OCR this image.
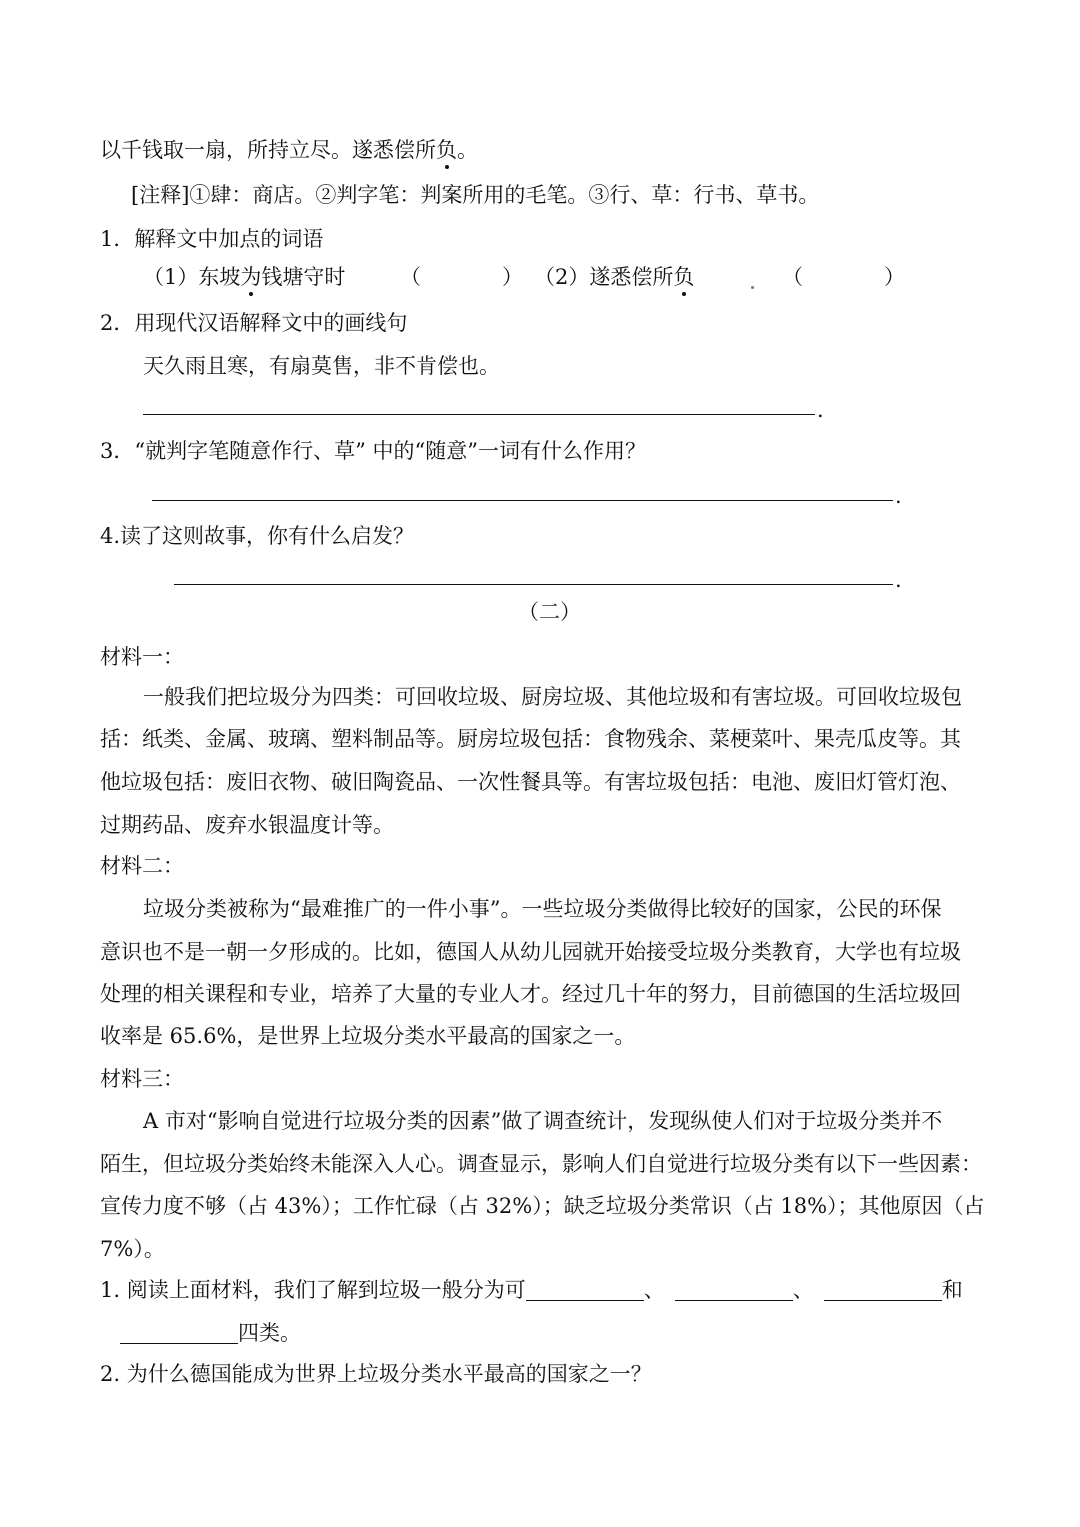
以千钱取一扇，所持立尽。遂悉偿所负。
[注释]①肆：商店。②判字笔：判案所用的毛笔。③行、草：行书、草书。
1．解释文中加点的词语
（1）东坡为钱塘守时	（	） （2）遂悉偿所负	（	）
2．用现代汉语解释文中的画线句
天久雨且寒，有扇莫售，非不肯偿也。
.
3．“就判字笔随意作行、草” 中的“随意”一词有什么作用？
.
4.读了这则故事，你有什么启发？
.
（二）
材料一：
一般我们把垃圾分为四类：可回收垃圾、厨房垃圾、其他垃圾和有害垃圾。可回收垃圾包
括：纸类、金属、玻璃、塑料制品等。厨房垃圾包括：食物残余、菜梗菜叶、果壳瓜皮等。其
他垃圾包括：废旧衣物、破旧陶瓷品、一次性餐具等。有害垃圾包括：电池、废旧灯管灯泡、
过期药品、废弃水银温度计等。
材料二：
垃圾分类被称为“最难推广的一件小事”。一些垃圾分类做得比较好的国家，公民的环保
意识也不是一朝一夕形成的。比如，德国人从幼儿园就开始接受垃圾分类教育，大学也有垃圾
处理的相关课程和专业，培养了大量的专业人才。经过几十年的努力，目前德国的生活垃圾回
收率是 65.6%，是世界上垃圾分类水平最高的国家之一。
材料三：
A 市对“影响自觉进行垃圾分类的因素”做了调查统计，发现纵使人们对于垃圾分类并不
陌生，但垃圾分类始终未能深入人心。调查显示，影响人们自觉进行垃圾分类有以下一些因素：
宣传力度不够（占 43%）；工作忙碌（占 32%）；缺乏垃圾分类常识（占 18%）；其他原因（占
7%）。
1. 阅读上面材料，我们了解到垃圾一般分为可	、	、	和
四类。
2. 为什么德国能成为世界上垃圾分类水平最高的国家之一？
